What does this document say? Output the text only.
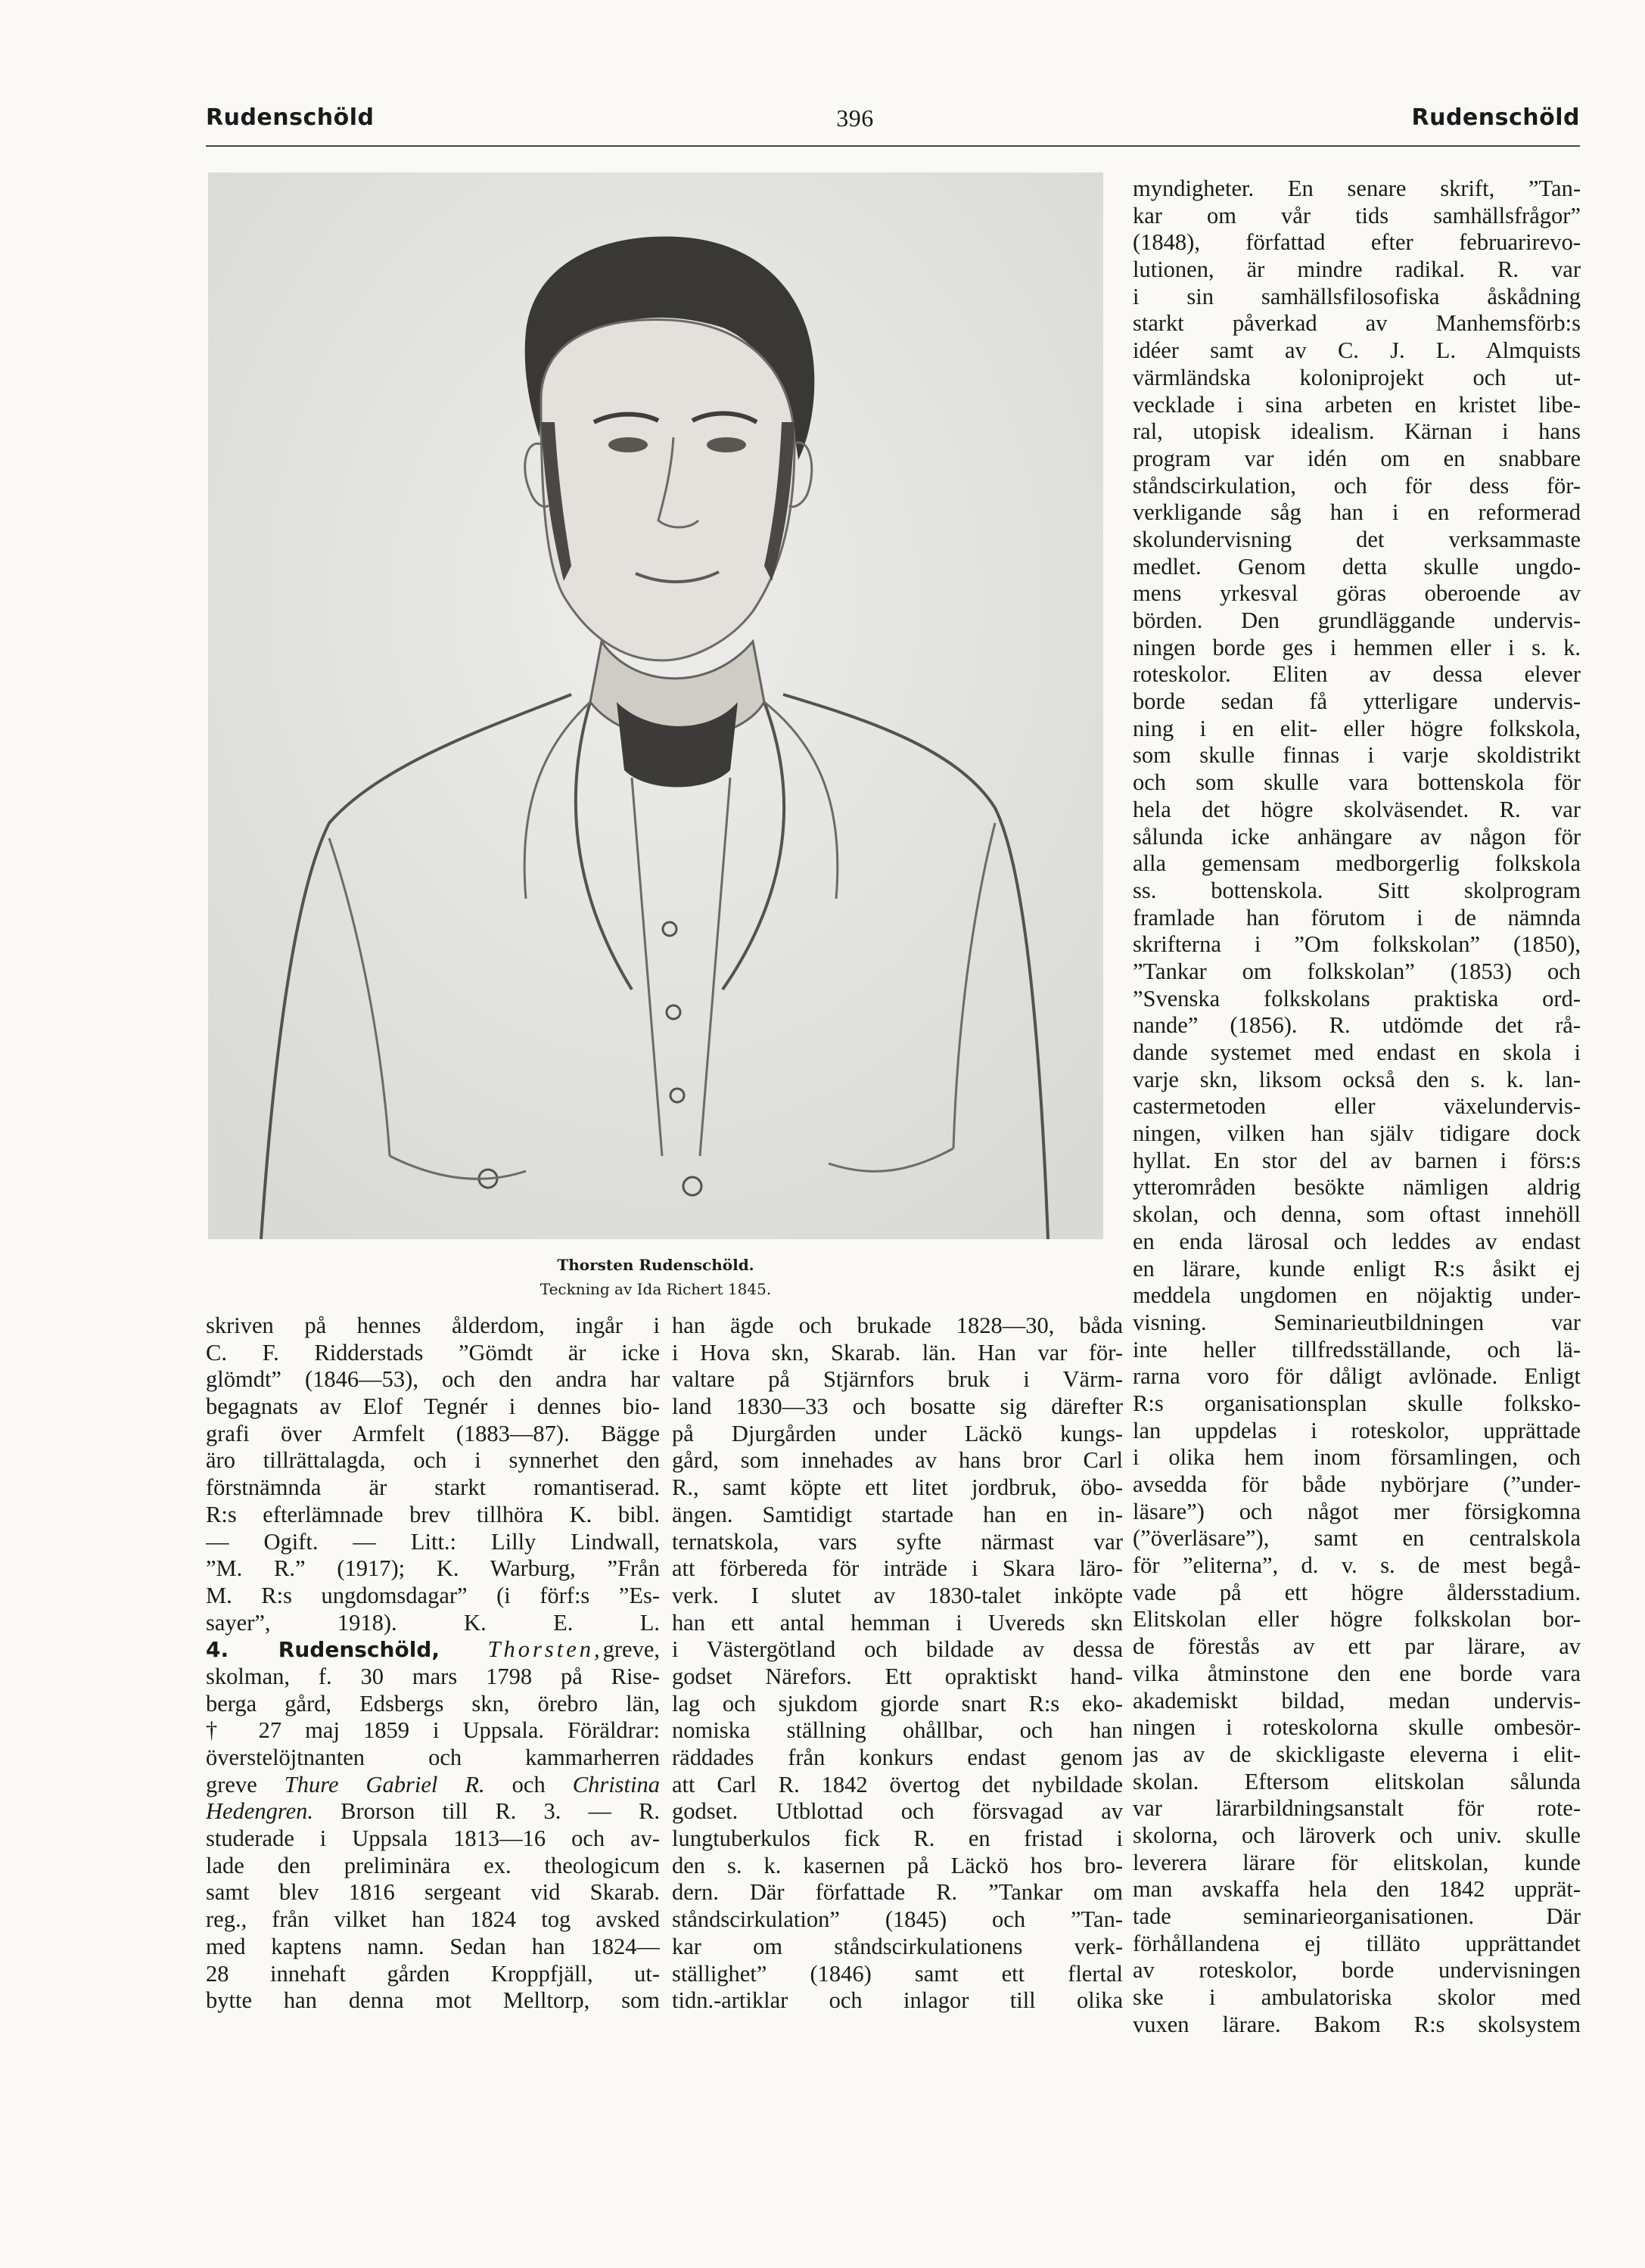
Rudenschöld	396	Rudenschöld
Thorsten Rudenschöld.
Teckning av Ida Richert 1845.
skriven på hennes ålderdom, ingår i
C. F. Ridderstads ”Gömdt är icke
glömdt” (1846—53), och den andra har
begagnats av Elof Tegnér i dennes bio-
grafi över Armfelt (1883—87). Bägge
äro tillrättalagda, och i synnerhet den
förstnämnda är starkt romantiserad.
R:s efterlämnade brev tillhöra K. bibl.
— Ogift. — Litt.: Lilly Lindwall,
”M. R.” (1917); K. Warburg, ”Från
M. R:s ungdomsdagar” (i förf:s ”Es-
sayer”, 1918). K. E. L.
4. Rudenschöld, Thorsten,greve,
skolman, f. 30 mars 1798 på Rise-
berga gård, Edsbergs skn, örebro län,
† 27 maj 1859 i Uppsala. Föräldrar:
överstelöjtnanten och kammarherren
greve Thure Gabriel R. och Christina
Hedengren. Brorson till R. 3. — R.
studerade i Uppsala 1813—16 och av-
lade den preliminära ex. theologicum
samt blev 1816 sergeant vid Skarab.
reg., från vilket han 1824 tog avsked
med kaptens namn. Sedan han 1824—
28 innehaft gården Kroppfjäll, ut-
bytte han denna mot Melltorp, som
han ägde och brukade 1828—30, båda
i Hova skn, Skarab. län. Han var för-
valtare på Stjärnfors bruk i Värm-
land 1830—33 och bosatte sig därefter
på Djurgården under Läckö kungs-
gård, som innehades av hans bror Carl
R., samt köpte ett litet jordbruk, öbo-
ängen. Samtidigt startade han en in-
ternatskola, vars syfte närmast var
att förbereda för inträde i Skara läro-
verk. I slutet av 1830-talet inköpte
han ett antal hemman i Uvereds skn
i Västergötland och bildade av dessa
godset Närefors. Ett opraktiskt hand-
lag och sjukdom gjorde snart R:s eko-
nomiska ställning ohållbar, och han
räddades från konkurs endast genom
att Carl R. 1842 övertog det nybildade
godset. Utblottad och försvagad av
lungtuberkulos fick R. en fristad i
den s. k. kasernen på Läckö hos bro-
dern. Där författade R. ”Tankar om
ståndscirkulation” (1845) och ”Tan-
kar om ståndscirkulationens verk-
ställighet” (1846) samt ett flertal
tidn.-artiklar och inlagor till olika
myndigheter. En senare skrift, ”Tan-
kar om vår tids samhällsfrågor”
(1848), författad efter februarirevo-
lutionen, är mindre radikal. R. var
i sin samhällsfilosofiska åskådning
starkt påverkad av Manhemsförb:s
idéer samt av C. J. L. Almquists
värmländska koloniprojekt och ut-
vecklade i sina arbeten en kristet libe-
ral, utopisk idealism. Kärnan i hans
program var idén om en snabbare
ståndscirkulation, och för dess för-
verkligande såg han i en reformerad
skolundervisning det verksammaste
medlet. Genom detta skulle ungdo-
mens yrkesval göras oberoende av
börden. Den grundläggande undervis-
ningen borde ges i hemmen eller i s. k.
roteskolor. Eliten av dessa elever
borde sedan få ytterligare undervis-
ning i en elit- eller högre folkskola,
som skulle finnas i varje skoldistrikt
och som skulle vara bottenskola för
hela det högre skolväsendet. R. var
sålunda icke anhängare av någon för
alla gemensam medborgerlig folkskola
ss. bottenskola. Sitt skolprogram
framlade han förutom i de nämnda
skrifterna i ”Om folkskolan” (1850),
”Tankar om folkskolan” (1853) och
”Svenska folkskolans praktiska ord-
nande” (1856). R. utdömde det rå-
dande systemet med endast en skola i
varje skn, liksom också den s. k. lan-
castermetoden eller växelundervis-
ningen, vilken han själv tidigare dock
hyllat. En stor del av barnen i förs:s
ytterområden besökte nämligen aldrig
skolan, och denna, som oftast innehöll
en enda lärosal och leddes av endast
en lärare, kunde enligt R:s åsikt ej
meddela ungdomen en nöjaktig under-
visning. Seminarieutbildningen var
inte heller tillfredsställande, och lä-
rarna voro för dåligt avlönade. Enligt
R:s organisationsplan skulle folksko-
lan uppdelas i roteskolor, upprättade
i olika hem inom församlingen, och
avsedda för både nybörjare (”under-
läsare”) och något mer försigkomna
(”överläsare”), samt en centralskola
för ”eliterna”, d. v. s. de mest begå-
vade på ett högre åldersstadium.
Elitskolan eller högre folkskolan bor-
de förestås av ett par lärare, av
vilka åtminstone den ene borde vara
akademiskt bildad, medan undervis-
ningen i roteskolorna skulle ombesör-
jas av de skickligaste eleverna i elit-
skolan. Eftersom elitskolan sålunda
var lärarbildningsanstalt för rote-
skolorna, och läroverk och univ. skulle
leverera lärare för elitskolan, kunde
man avskaffa hela den 1842 upprät-
tade seminarieorganisationen. Där
förhållandena ej tilläto upprättandet
av roteskolor, borde undervisningen
ske i ambulatoriska skolor med
vuxen lärare. Bakom R:s skolsystem
